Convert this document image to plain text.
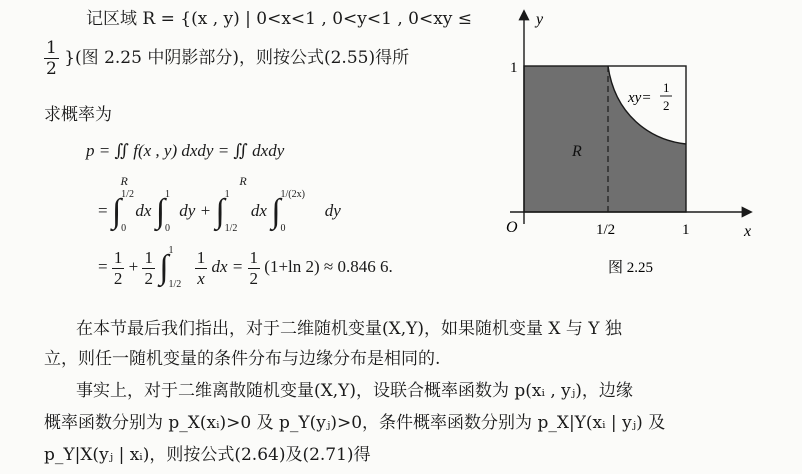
记区域 R = {(x , y) | 0<x<1 , 0<y<1 , 0<xy ≤
$\frac{1}{2}$ }(图 2.25 中阴影部分)，则按公式(2.55)得所
求概率为
p = ∬
R
f(x , y) dxdy = ∬
R
dxdy
= ∫ 1/2
0
dx ∫ 1
0
dy + ∫ 1
1/2
dx ∫ 1/(2x)
0
dy
= $\frac{1}{2} + \frac{1}{2}$ ∫ 1
1/2
$\frac{1}{x}$ dx = $\frac{1}{2} (1+\ln$ 2) ≈ 0.846 6.
在本节最后我们指出，对于二维随机变量(X,Y)，如果随机变量 X 与 Y 独
立，则任一随机变量的条件分布与边缘分布是相同的.
事实上，对于二维离散随机变量(X,Y)，设联合概率函数为 p(xᵢ , yⱼ)，边缘
概率函数分别为 p_X(xᵢ)>0 及 p_Y(yⱼ)>0，条件概率函数分别为 p_X|Y(xᵢ | yⱼ) 及
p_Y|X(yⱼ | xᵢ)，则按公式(2.64)及(2.71)得
y
x
O
1
1/2	1
R
xy=
1
2
图 2.25
